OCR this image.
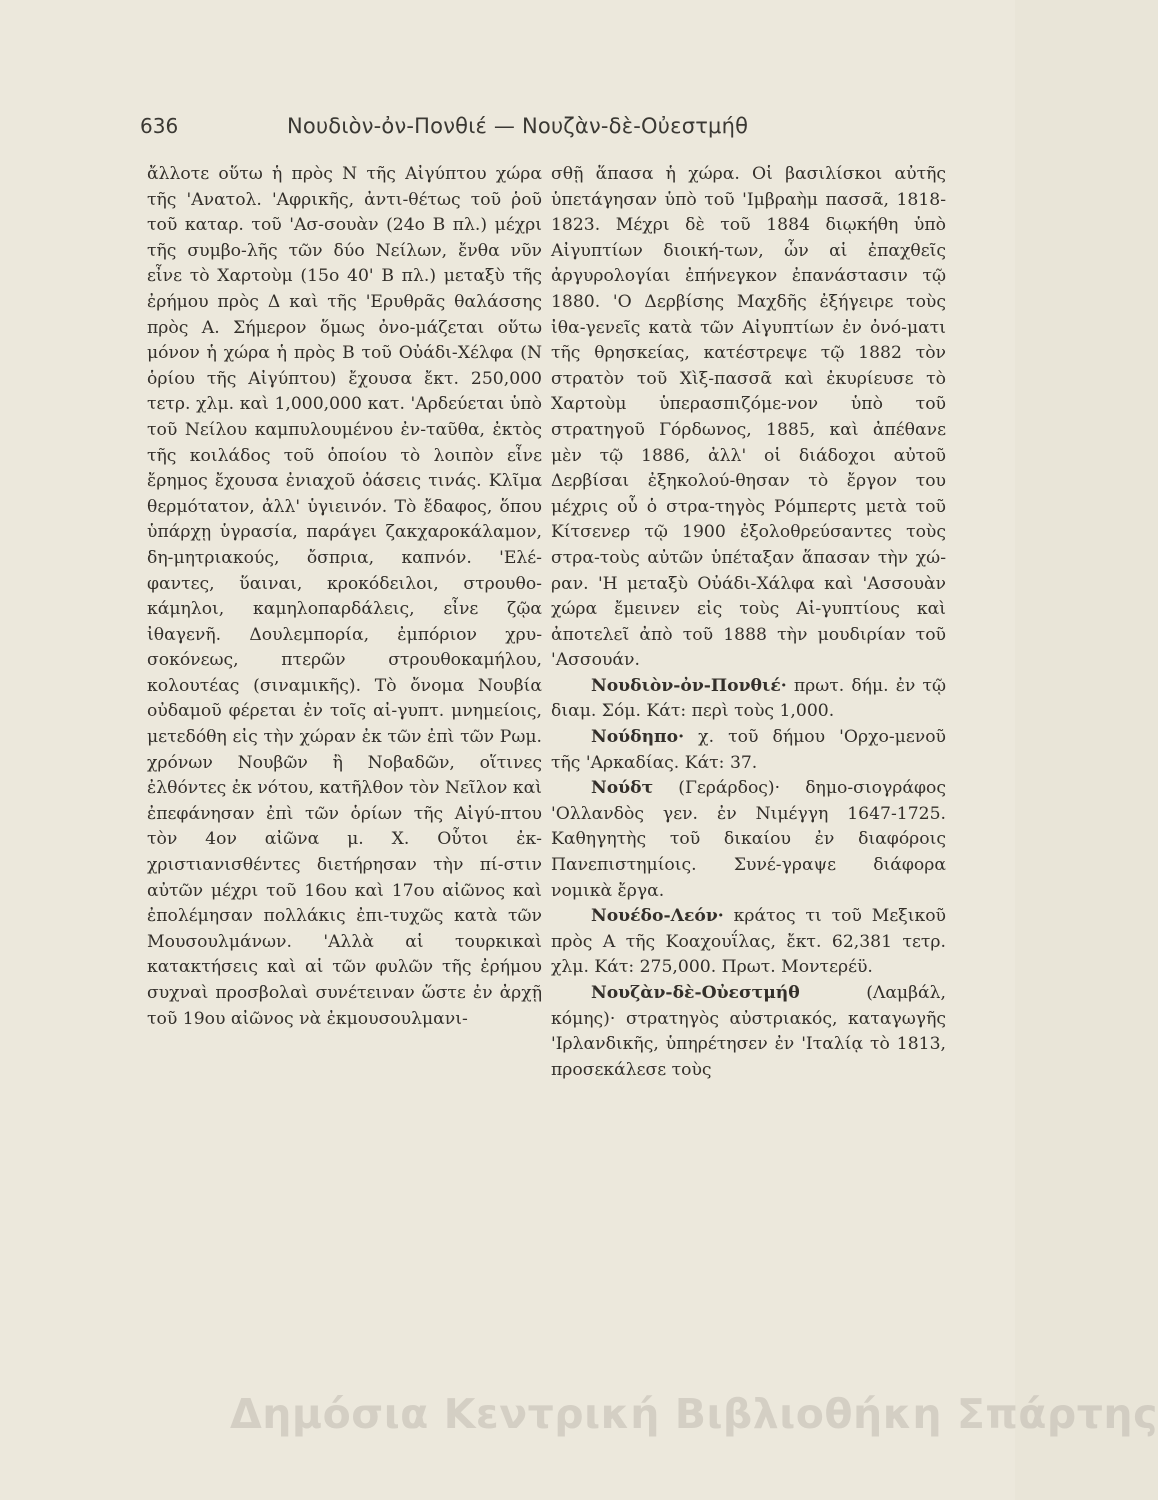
636	Νουδιὸν-ὀν-Πονθιέ — Νουζὰν-δὲ-Οὐεστμήθ

ἄλλοτε οὕτω ἡ πρὸς Ν τῆς Αἰγύπτου χώρα τῆς 'Ανατολ. 'Αφρικῆς, ἀντι-θέτως τοῦ ῥοῦ τοῦ καταρ. τοῦ 'Ασ-σουὰν (24ο Β πλ.) μέχρι τῆς συμβο-λῆς τῶν δύο Νείλων, ἔνθα νῦν εἶνε τὸ Χαρτοὺμ (15ο 40' Β πλ.) μεταξὺ τῆς ἐρήμου πρὸς Δ καὶ τῆς 'Ερυθρᾶς θαλάσσης πρὸς Α. Σήμερον ὅμως ὀνο-μάζεται οὕτω μόνον ἡ χώρα ἡ πρὸς Β τοῦ Οὐάδι-Χέλφα (Ν ὁρίου τῆς Αἰγύπτου) ἔχουσα ἔκτ. 250,000 τετρ. χλμ. καὶ 1,000,000 κατ. 'Αρδεύεται ὑπὸ τοῦ Νείλου καμπυλουμένου ἐν-ταῦθα, ἐκτὸς τῆς κοιλάδος τοῦ ὁποίου τὸ λοιπὸν εἶνε ἔρημος ἔχουσα ἐνιαχοῦ ὀάσεις τινάς. Κλῖμα θερμότατον, ἀλλ' ὑγιεινόν. Τὸ ἔδαφος, ὅπου ὑπάρχῃ ὑγρασία, παράγει ζακχαροκάλαμον, δη-μητριακούς, ὄσπρια, καπνόν. 'Ελέ-φαντες, ὕαιναι, κροκόδειλοι, στρουθο-κάμηλοι, καμηλοπαρδάλεις, εἶνε ζῷα ἰθαγενῆ. Δουλεμπορία, ἐμπόριον χρυ-σοκόνεως, πτερῶν στρουθοκαμήλου, κολουτέας (σιναμικῆς). Τὸ ὄνομα Νουβία οὐδαμοῦ φέρεται ἐν τοῖς αἰ-γυπτ. μνημείοις, μετεδόθη εἰς τὴν χώραν ἐκ τῶν ἐπὶ τῶν Ρωμ. χρόνων Νουβῶν ἢ Νοβαδῶν, οἵτινες ἐλθόντες ἐκ νότου, κατῆλθον τὸν Νεῖλον καὶ ἐπεφάνησαν ἐπὶ τῶν ὁρίων τῆς Αἰγύ-πτου τὸν 4ον αἰῶνα μ. Χ. Οὗτοι ἐκ-χριστιανισθέντες διετήρησαν τὴν πί-στιν αὐτῶν μέχρι τοῦ 16ου καὶ 17ου αἰῶνος καὶ ἐπολέμησαν πολλάκις ἐπι-τυχῶς κατὰ τῶν Μουσουλμάνων. 'Αλλὰ αἱ τουρκικαὶ κατακτήσεις καὶ αἱ τῶν φυλῶν τῆς ἐρήμου συχναὶ προσβολαὶ συνέτειναν ὥστε ἐν ἀρχῇ τοῦ 19ου αἰῶνος νὰ ἐκμουσουλμανι-

σθῇ ἅπασα ἡ χώρα. Οἱ βασιλίσκοι αὐτῆς ὑπετάγησαν ὑπὸ τοῦ 'Ιμβραὴμ πασσᾶ, 1818-1823. Μέχρι δὲ τοῦ 1884 διῳκήθη ὑπὸ Αἰγυπτίων διοική-των, ὧν αἱ ἐπαχθεῖς ἀργυρολογίαι ἐπήνεγκον ἐπανάστασιν τῷ 1880. 'Ο Δερβίσης Μαχδῆς ἐξήγειρε τοὺς ἰθα-γενεῖς κατὰ τῶν Αἰγυπτίων ἐν ὀνό-ματι τῆς θρησκείας, κατέστρεψε τῷ 1882 τὸν στρατὸν τοῦ Χὶξ-πασσᾶ καὶ ἐκυρίευσε τὸ Χαρτοὺμ ὑπερασπιζόμε-νον ὑπὸ τοῦ στρατηγοῦ Γόρδωνος, 1885, καὶ ἀπέθανε μὲν τῷ 1886, ἀλλ' οἱ διάδοχοι αὐτοῦ Δερβίσαι ἐξηκολού-θησαν τὸ ἔργον του μέχρις οὗ ὁ στρα-τηγὸς Ρόμπερτς μετὰ τοῦ Κίτσενερ τῷ 1900 ἐξολοθρεύσαντες τοὺς στρα-τοὺς αὐτῶν ὑπέταξαν ἅπασαν τὴν χώ-ραν. 'Η μεταξὺ Οὐάδι-Χάλφα καὶ 'Ασσουὰν χώρα ἔμεινεν εἰς τοὺς Αἰ-γυπτίους καὶ ἀποτελεῖ ἀπὸ τοῦ 1888 τὴν μουδιρίαν τοῦ 'Ασσουάν.

Νουδιὸν-ὀν-Πονθιέ· πρωτ. δήμ. ἐν τῷ διαμ. Σόμ. Κάτ: περὶ τοὺς 1,000.

Νούδηπο· χ. τοῦ δήμου 'Ορχο-μενοῦ τῆς 'Αρκαδίας. Κάτ: 37.

Νούδτ (Γεράρδος)· δημο-σιογράφος 'Ολλανδὸς γεν. ἐν Νιμέγγη 1647-1725. Καθηγητὴς τοῦ δικαίου ἐν διαφόροις Πανεπιστημίοις. Συνέ-γραψε διάφορα νομικὰ ἔργα.

Νουέδο-Λεόν· κράτος τι τοῦ Μεξικοῦ πρὸς Α τῆς Κοαχουΐλας, ἔκτ. 62,381 τετρ. χλμ. Κάτ: 275,000. Πρωτ. Μοντερέϋ.

Νουζὰν-δὲ-Οὐεστμήθ (Λαμβάλ, κόμης)· στρατηγὸς αὐστριακός, καταγωγῆς 'Ιρλανδικῆς, ὑπηρέτησεν ἐν 'Ιταλίᾳ τὸ 1813, προσεκάλεσε τοὺς

Δημόσια Κεντρική Βιβλιοθήκη Σπάρτης
